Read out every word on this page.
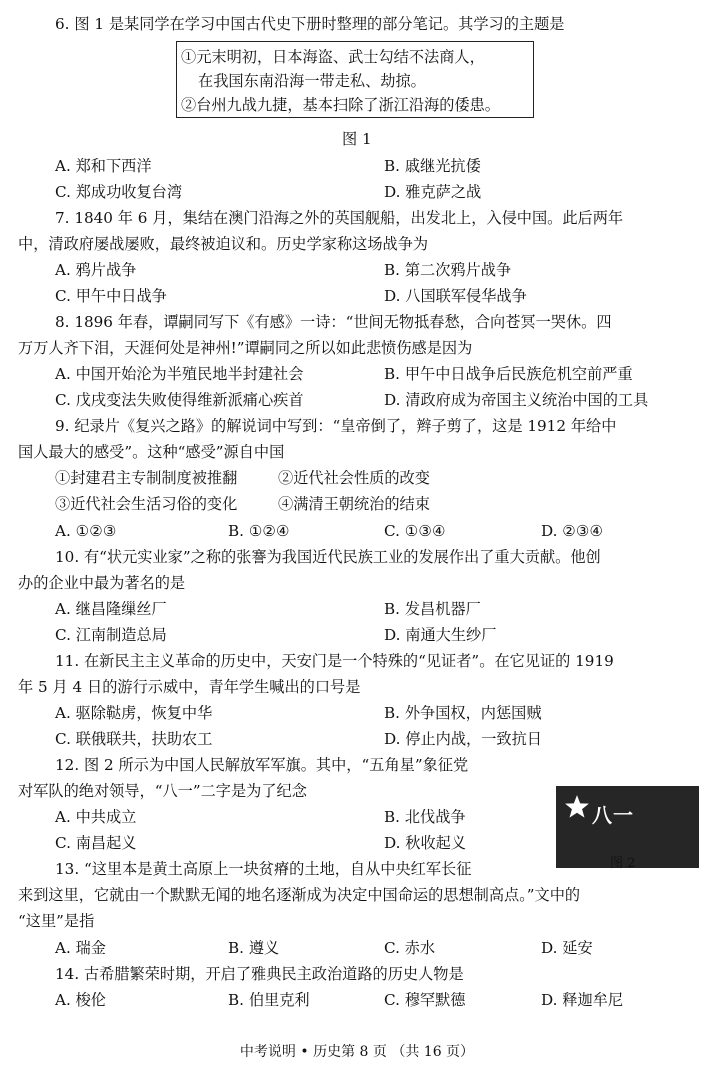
6. 图 1 是某同学在学习中国古代史下册时整理的部分笔记。其学习的主题是
①元末明初，日本海盗、武士勾结不法商人，
在我国东南沿海一带走私、劫掠。
②台州九战九捷，基本扫除了浙江沿海的倭患。
图 1
A. 郑和下西洋	B. 戚继光抗倭
C. 郑成功收复台湾	D. 雅克萨之战
7. 1840 年 6 月，集结在澳门沿海之外的英国舰船，出发北上，入侵中国。此后两年
中，清政府屡战屡败，最终被迫议和。历史学家称这场战争为
A. 鸦片战争	B. 第二次鸦片战争
C. 甲午中日战争	D. 八国联军侵华战争
8. 1896 年春，谭嗣同写下《有感》一诗：“世间无物抵春愁，合向苍冥一哭休。四
万万人齐下泪，天涯何处是神州!”谭嗣同之所以如此悲愤伤感是因为
A. 中国开始沦为半殖民地半封建社会	B. 甲午中日战争后民族危机空前严重
C. 戊戌变法失败使得维新派痛心疾首	D. 清政府成为帝国主义统治中国的工具
9. 纪录片《复兴之路》的解说词中写到：“皇帝倒了，辫子剪了，这是 1912 年给中
国人最大的感受”。这种“感受”源自中国
①封建君主专制制度被推翻	②近代社会性质的改变
③近代社会生活习俗的变化	④满清王朝统治的结束
A. ①②③	B. ①②④	C. ①③④	D. ②③④
10. 有“状元实业家”之称的张謇为我国近代民族工业的发展作出了重大贡献。他创
办的企业中最为著名的是
A. 继昌隆缫丝厂	B. 发昌机器厂
C. 江南制造总局	D. 南通大生纱厂
11. 在新民主主义革命的历史中，天安门是一个特殊的“见证者”。在它见证的 1919
年 5 月 4 日的游行示威中，青年学生喊出的口号是
A. 驱除鞑虏，恢复中华	B. 外争国权，内惩国贼
C. 联俄联共，扶助农工	D. 停止内战，一致抗日
12. 图 2 所示为中国人民解放军军旗。其中，“五角星”象征党
对军队的绝对领导，“八一”二字是为了纪念
八一
图 2
A. 中共成立	B. 北伐战争
C. 南昌起义	D. 秋收起义
13. “这里本是黄土高原上一块贫瘠的土地，自从中央红军长征
来到这里，它就由一个默默无闻的地名逐渐成为决定中国命运的思想制高点。”文中的
“这里”是指
A. 瑞金	B. 遵义	C. 赤水	D. 延安
14. 古希腊繁荣时期，开启了雅典民主政治道路的历史人物是
A. 梭伦	B. 伯里克利	C. 穆罕默德	D. 释迦牟尼
中考说明 • 历史第 8 页 （共 16 页）
